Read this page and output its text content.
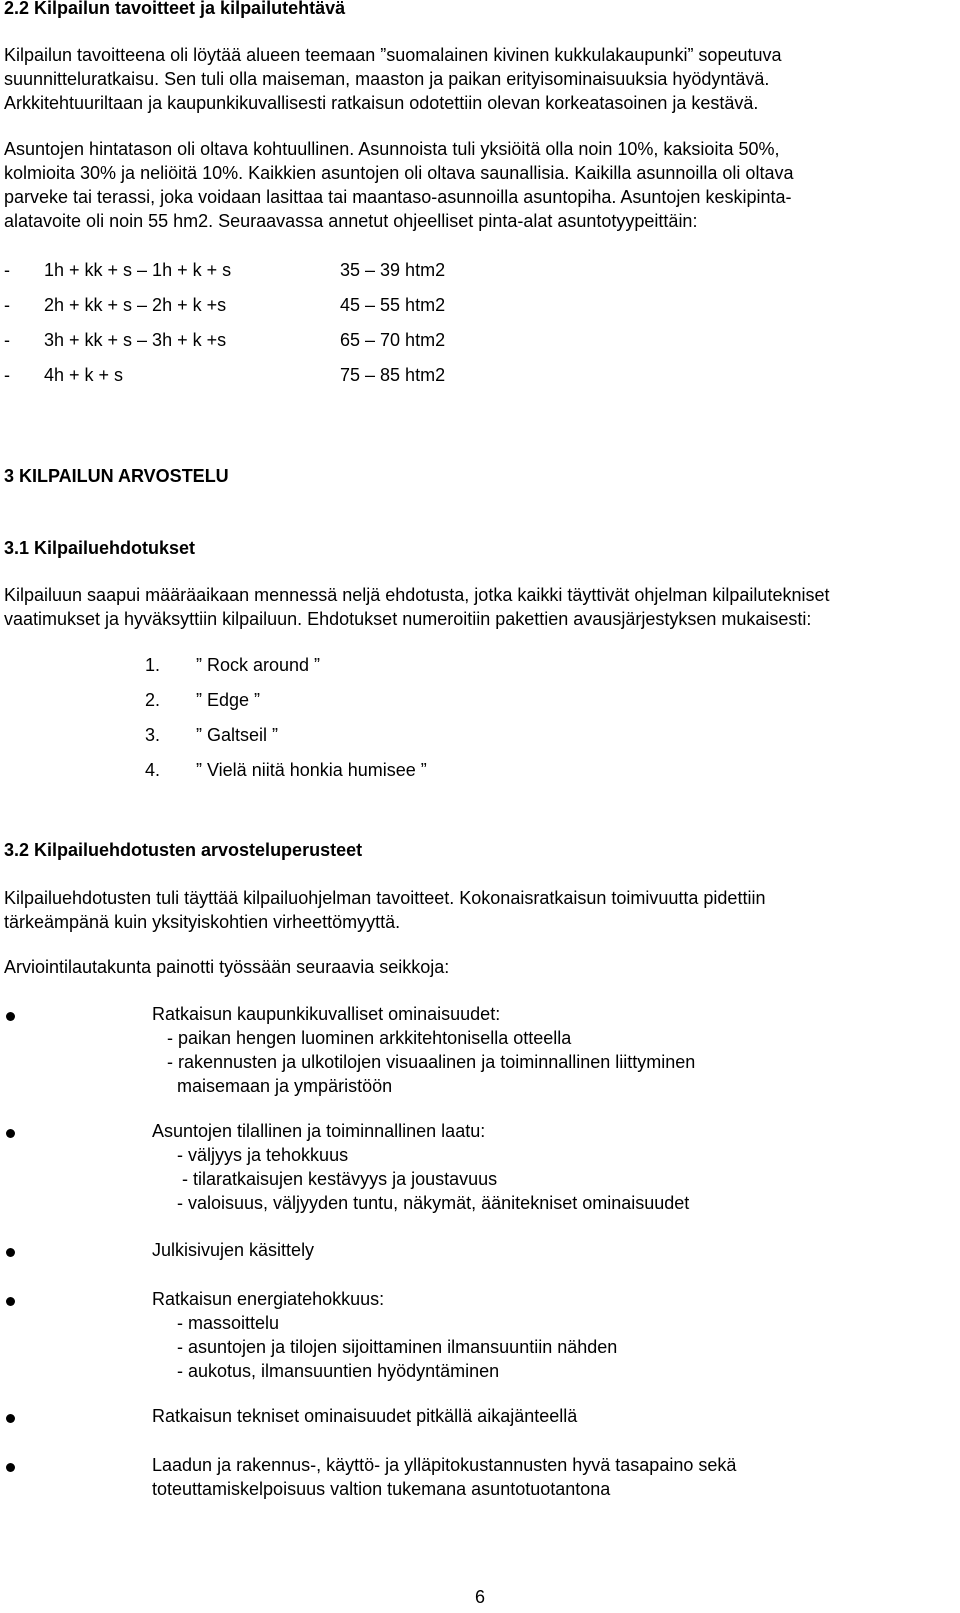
2.2 Kilpailun tavoitteet ja kilpailutehtävä
Kilpailun tavoitteena oli löytää alueen teemaan ”suomalainen kivinen kukkulakaupunki” sopeutuva
suunnitteluratkaisu. Sen tuli olla maiseman, maaston ja paikan erityisominaisuuksia hyödyntävä.
Arkkitehtuuriltaan ja kaupunkikuvallisesti ratkaisun odotettiin olevan korkeatasoinen ja kestävä.
Asuntojen hintatason oli oltava kohtuullinen. Asunnoista tuli yksiöitä olla noin 10%, kaksioita 50%,
kolmioita 30% ja neliöitä 10%. Kaikkien asuntojen oli oltava saunallisia. Kaikilla asunnoilla oli oltava
parveke tai terassi, joka voidaan lasittaa tai maantaso-asunnoilla asuntopiha. Asuntojen keskipinta-
alatavoite oli noin 55 hm2. Seuraavassa annetut ohjeelliset pinta-alat asuntotyypeittäin:
- 1h + kk + s – 1h + k + s	35 – 39 htm2
- 2h + kk + s – 2h + k +s	45 – 55 htm2
- 3h + kk + s – 3h + k +s	65 – 70 htm2
- 4h + k + s	75 – 85 htm2
3 KILPAILUN ARVOSTELU
3.1 Kilpailuehdotukset
Kilpailuun saapui määräaikaan mennessä neljä ehdotusta, jotka kaikki täyttivät ohjelman kilpailutekniset
vaatimukset ja hyväksyttiin kilpailuun. Ehdotukset numeroitiin pakettien avausjärjestyksen mukaisesti:
1. ” Rock around ”
2. ” Edge ”
3. ” Galtseil ”
4. ” Vielä niitä honkia humisee ”
3.2 Kilpailuehdotusten arvosteluperusteet
Kilpailuehdotusten tuli täyttää kilpailuohjelman tavoitteet. Kokonaisratkaisun toimivuutta pidettiin
tärkeämpänä kuin yksityiskohtien virheettömyyttä.
Arviointilautakunta painotti työssään seuraavia seikkoja:
Ratkaisun kaupunkikuvalliset ominaisuudet:
- paikan hengen luominen arkkitehtonisella otteella
- rakennusten ja ulkotilojen visuaalinen ja toiminnallinen liittyminen
maisemaan ja ympäristöön
Asuntojen tilallinen ja toiminnallinen laatu:
- väljyys ja tehokkuus
- tilaratkaisujen kestävyys ja joustavuus
- valoisuus, väljyyden tuntu, näkymät, äänitekniset ominaisuudet
Julkisivujen käsittely
Ratkaisun energiatehokkuus:
- massoittelu
- asuntojen ja tilojen sijoittaminen ilmansuuntiin nähden
- aukotus, ilmansuuntien hyödyntäminen
Ratkaisun tekniset ominaisuudet pitkällä aikajänteellä
Laadun ja rakennus-, käyttö- ja ylläpitokustannusten hyvä tasapaino sekä
toteuttamiskelpoisuus valtion tukemana asuntotuotantona
6
